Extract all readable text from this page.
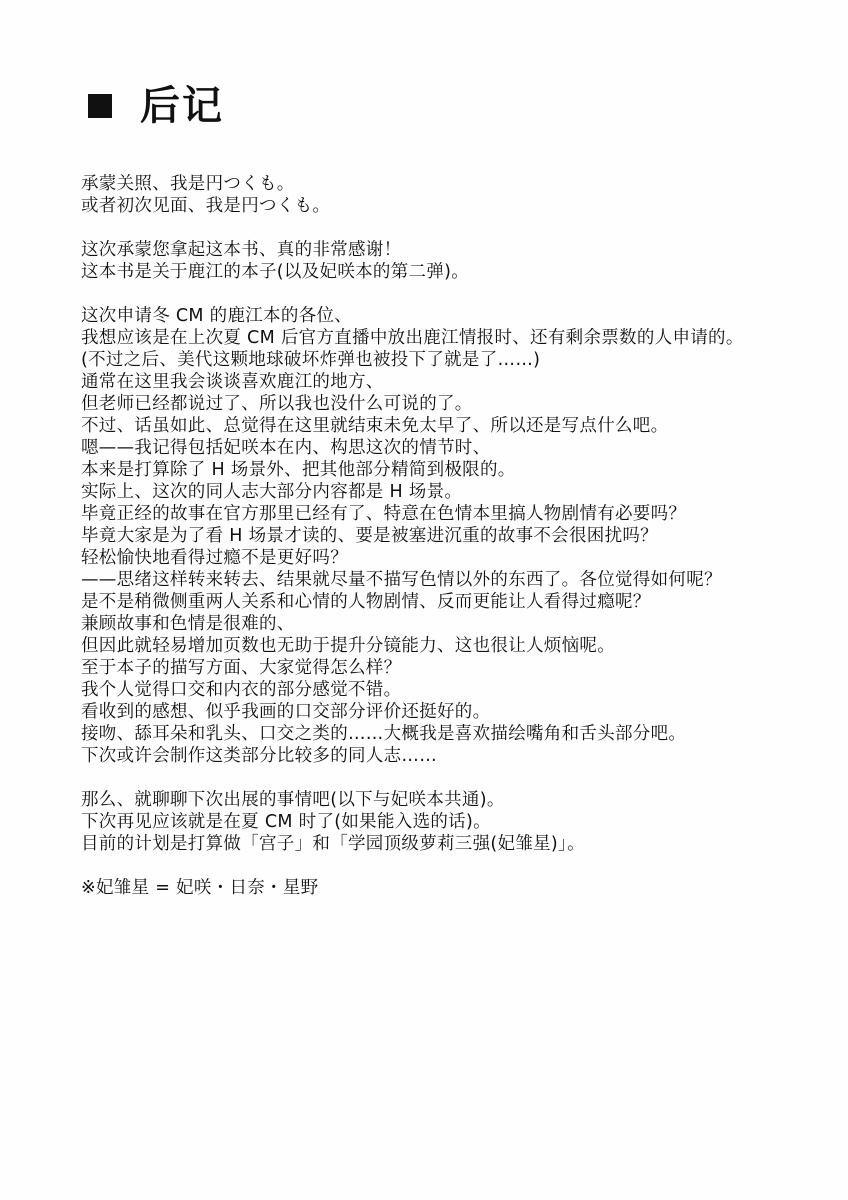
后记
承蒙关照、我是円つくも。
或者初次见面、我是円つくも。
这次承蒙您拿起这本书、真的非常感谢！
这本书是关于鹿江的本子(以及妃咲本的第二弹)。
这次申请冬 CM 的鹿江本的各位、
我想应该是在上次夏 CM 后官方直播中放出鹿江情报时、还有剩余票数的人申请的。
(不过之后、美代这颗地球破坏炸弹也被投下了就是了……)
通常在这里我会谈谈喜欢鹿江的地方、
但老师已经都说过了、所以我也没什么可说的了。
不过、话虽如此、总觉得在这里就结束未免太早了、所以还是写点什么吧。
嗯——我记得包括妃咲本在内、构思这次的情节时、
本来是打算除了 H 场景外、把其他部分精简到极限的。
实际上、这次的同人志大部分内容都是 H 场景。
毕竟正经的故事在官方那里已经有了、特意在色情本里搞人物剧情有必要吗？
毕竟大家是为了看 H 场景才读的、要是被塞进沉重的故事不会很困扰吗？
轻松愉快地看得过瘾不是更好吗？
——思绪这样转来转去、结果就尽量不描写色情以外的东西了。各位觉得如何呢？
是不是稍微侧重两人关系和心情的人物剧情、反而更能让人看得过瘾呢？
兼顾故事和色情是很难的、
但因此就轻易增加页数也无助于提升分镜能力、这也很让人烦恼呢。
至于本子的描写方面、大家觉得怎么样？
我个人觉得口交和内衣的部分感觉不错。
看收到的感想、似乎我画的口交部分评价还挺好的。
接吻、舔耳朵和乳头、口交之类的……大概我是喜欢描绘嘴角和舌头部分吧。
下次或许会制作这类部分比较多的同人志……
那么、就聊聊下次出展的事情吧(以下与妃咲本共通)。
下次再见应该就是在夏 CM 时了(如果能入选的话)。
目前的计划是打算做「宫子」和「学园顶级萝莉三强(妃雏星)」。
※妃雏星 = 妃咲・日奈・星野
